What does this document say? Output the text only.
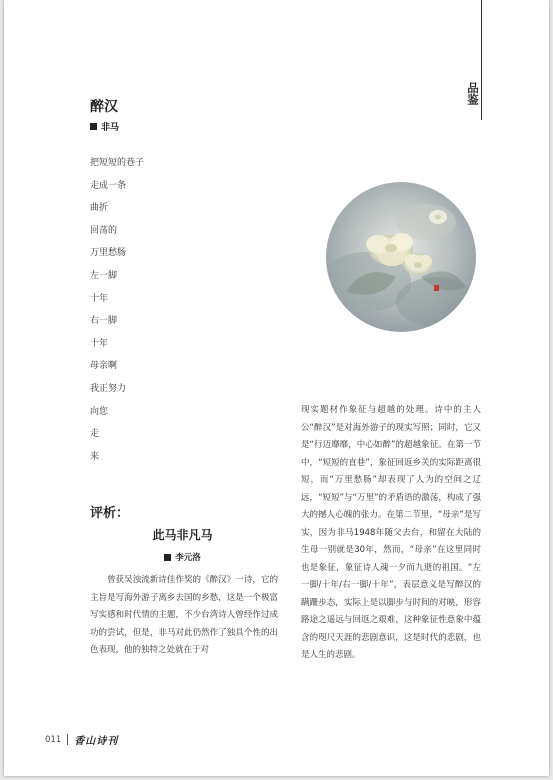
品鉴
醉汉
非马
把短短的巷子
走成一条
曲折
回荡的
万里愁肠
左一脚
十年
右一脚
十年
母亲啊
我正努力
向您
走
来
评析：
此马非凡马
李元洛

曾获吴浊流新诗佳作奖的《醉汉》一诗，它的主旨是写海外游子离乡去国的乡愁，这是一个极富写实感和时代情的主题，不少台湾诗人曾经作过成功的尝试，但是，非马对此仍然作了独具个性的出色表现，他的独特之处就在于对

现实题材作象征与超越的处理。诗中的主人公“醉汉”是对海外游子的现实写照；同时，它又是“行迈靡靡，中心如醉”的超越象征。在第一节中，“短短的直巷”，象征回返乡关的实际距离很短，而“万里愁肠”却表现了人为的空间之辽远，“短短”与“万里”的矛盾语的激荡，构成了强大的撼人心魄的张力。在第二节里，“母亲”是写实，因为非马1948年随父去台，和留在大陆的生母一别就是30年，然而，“母亲”在这里同时也是象征，象征诗人魂一夕而九逝的祖国。“左一脚/十年/右一脚/十年”，表层意义是写醉汉的蹒跚步态，实际上是以脚步与时间的对映，形容路途之遥远与回返之艰难，这种象征性意象中蕴含的咫尺天涯的悲剧意识，这是时代的悲剧，也是人生的悲剧。

011 香山诗刊
